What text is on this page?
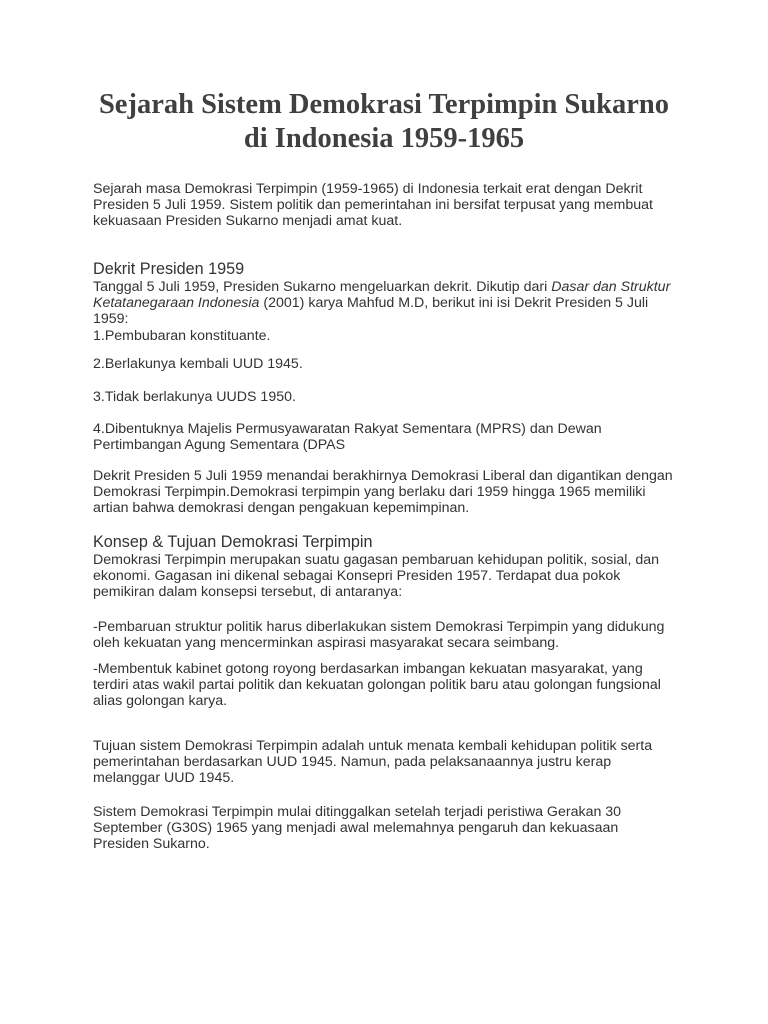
Sejarah Sistem Demokrasi Terpimpin Sukarno
di Indonesia 1959-1965

Sejarah masa Demokrasi Terpimpin (1959-1965) di Indonesia terkait erat dengan Dekrit
Presiden 5 Juli 1959. Sistem politik dan pemerintahan ini bersifat terpusat yang membuat
kekuasaan Presiden Sukarno menjadi amat kuat.

Dekrit Presiden 1959

Tanggal 5 Juli 1959, Presiden Sukarno mengeluarkan dekrit. Dikutip dari Dasar dan Struktur
Ketatanegaraan Indonesia (2001) karya Mahfud M.D, berikut ini isi Dekrit Presiden 5 Juli
1959:
1.Pembubaran konstituante.

2.Berlakunya kembali UUD 1945.

3.Tidak berlakunya UUDS 1950.

4.Dibentuknya Majelis Permusyawaratan Rakyat Sementara (MPRS) dan Dewan
Pertimbangan Agung Sementara (DPAS

Dekrit Presiden 5 Juli 1959 menandai berakhirnya Demokrasi Liberal dan digantikan dengan
Demokrasi Terpimpin.Demokrasi terpimpin yang berlaku dari 1959 hingga 1965 memiliki
artian bahwa demokrasi dengan pengakuan kepemimpinan.

Konsep & Tujuan Demokrasi Terpimpin

Demokrasi Terpimpin merupakan suatu gagasan pembaruan kehidupan politik, sosial, dan
ekonomi. Gagasan ini dikenal sebagai Konsepri Presiden 1957. Terdapat dua pokok
pemikiran dalam konsepsi tersebut, di antaranya:

-Pembaruan struktur politik harus diberlakukan sistem Demokrasi Terpimpin yang didukung
oleh kekuatan yang mencerminkan aspirasi masyarakat secara seimbang.

-Membentuk kabinet gotong royong berdasarkan imbangan kekuatan masyarakat, yang
terdiri atas wakil partai politik dan kekuatan golongan politik baru atau golongan fungsional
alias golongan karya.

Tujuan sistem Demokrasi Terpimpin adalah untuk menata kembali kehidupan politik serta
pemerintahan berdasarkan UUD 1945. Namun, pada pelaksanaannya justru kerap
melanggar UUD 1945.

Sistem Demokrasi Terpimpin mulai ditinggalkan setelah terjadi peristiwa Gerakan 30
September (G30S) 1965 yang menjadi awal melemahnya pengaruh dan kekuasaan
Presiden Sukarno.
